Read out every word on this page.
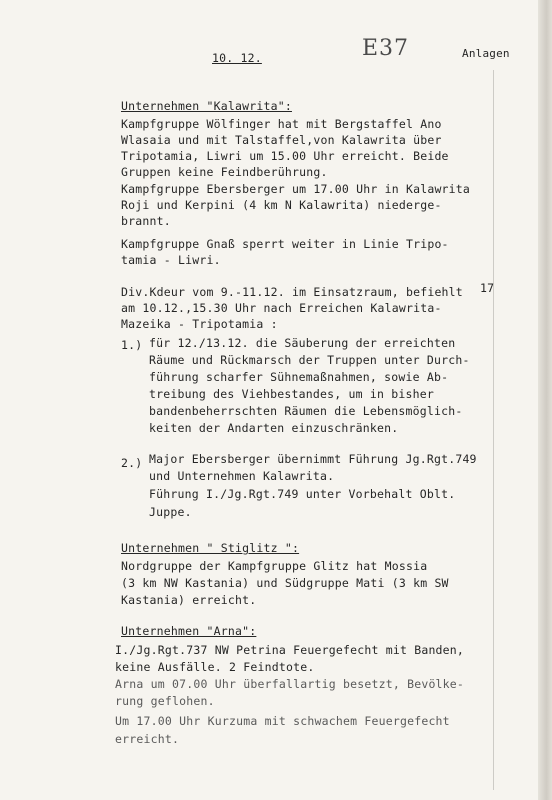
10. 12.	E37	Anlagen
17
Unternehmen "Kalawrita":
Kampfgruppe Wölfinger hat mit Bergstaffel Ano
Wlasaia und mit Talstaffel,von Kalawrita über
Tripotamia, Liwri um 15.00 Uhr erreicht. Beide
Gruppen keine Feindberührung.
Kampfgruppe Ebersberger um 17.00 Uhr in Kalawrita
Roji und Kerpini (4 km N Kalawrita) niederge-
brannt.
Kampfgruppe Gnaß sperrt weiter in Linie Tripo-
tamia - Liwri.
Div.Kdeur vom 9.-11.12. im Einsatzraum, befiehlt
am 10.12.,15.30 Uhr nach Erreichen Kalawrita-
Mazeika - Tripotamia :
1.) für 12./13.12. die Säuberung der erreichten
Räume und Rückmarsch der Truppen unter Durch-
führung scharfer Sühnemaßnahmen, sowie Ab-
treibung des Viehbestandes, um in bisher
bandenbeherrschten Räumen die Lebensmöglich-
keiten der Andarten einzuschränken.
2.) Major Ebersberger übernimmt Führung Jg.Rgt.749
und Unternehmen Kalawrita.
Führung I./Jg.Rgt.749 unter Vorbehalt Oblt.
Juppe.
Unternehmen " Stiglitz ":
Nordgruppe der Kampfgruppe Glitz hat Mossia
(3 km NW Kastania) und Südgruppe Mati (3 km SW
Kastania) erreicht.
Unternehmen "Arna":
I./Jg.Rgt.737 NW Petrina Feuergefecht mit Banden,
keine Ausfälle. 2 Feindtote.
Arna um 07.00 Uhr überfallartig besetzt, Bevölke-
rung geflohen.
Um 17.00 Uhr Kurzuma mit schwachem Feuergefecht
erreicht.
